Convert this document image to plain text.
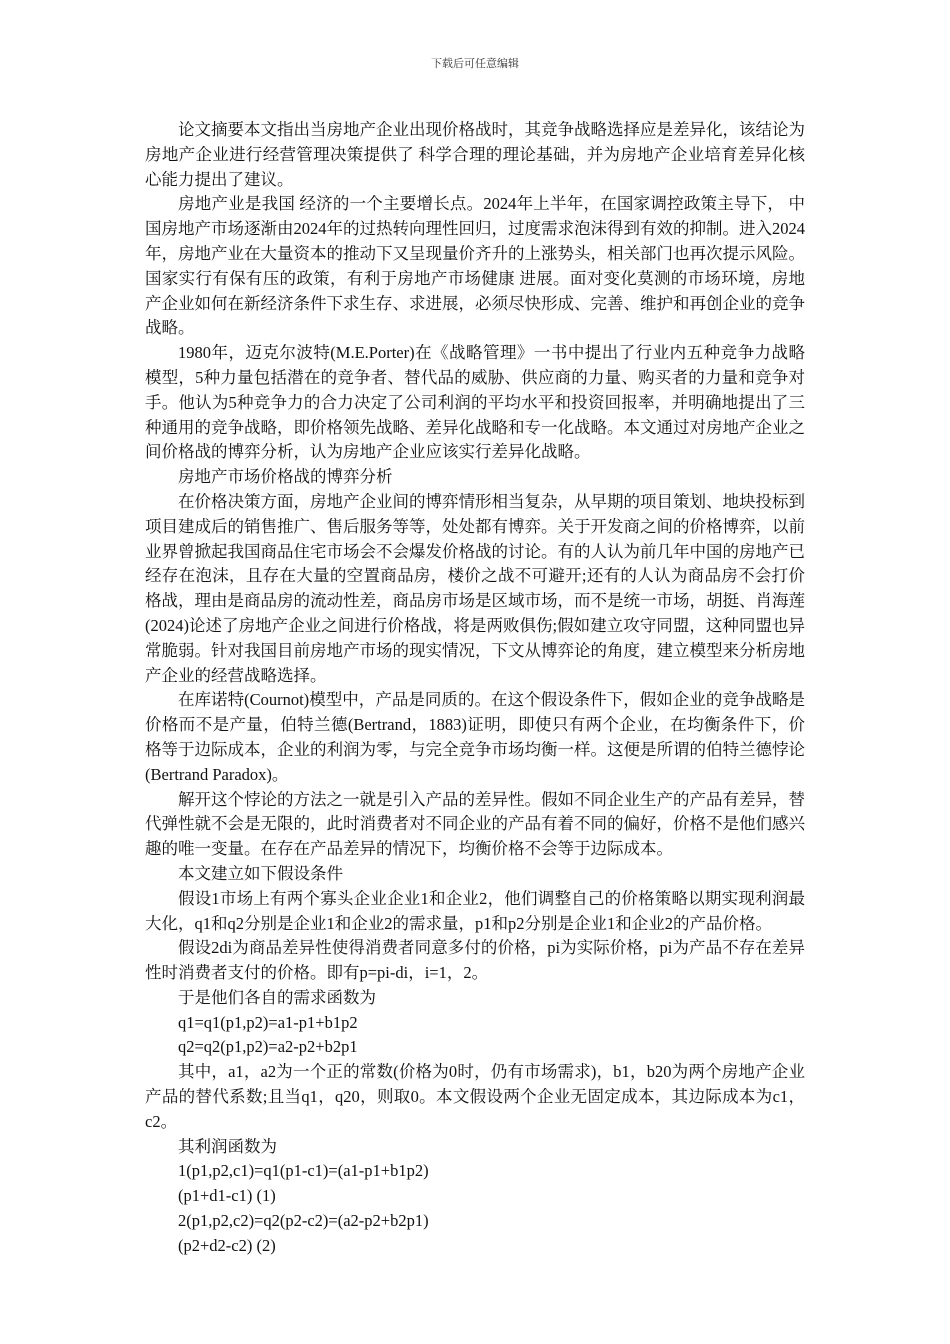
下载后可任意编辑

论文摘要本文指出当房地产企业出现价格战时，其竞争战略选择应是差异化，该结论为房地产企业进行经营管理决策提供了 科学合理的理论基础，并为房地产企业培育差异化核心能力提出了建议。

房地产业是我国 经济的一个主要增长点。2024年上半年，在国家调控政策主导下， 中国房地产市场逐渐由2024年的过热转向理性回归，过度需求泡沫得到有效的抑制。进入2024年，房地产业在大量资本的推动下又呈现量价齐升的上涨势头，相关部门也再次提示风险。国家实行有保有压的政策，有利于房地产市场健康 进展。面对变化莫测的市场环境，房地产企业如何在新经济条件下求生存、求进展，必须尽快形成、完善、维护和再创企业的竞争战略。

1980年，迈克尔波特(M.E.Porter)在《战略管理》一书中提出了行业内五种竞争力战略模型，5种力量包括潜在的竞争者、替代品的威胁、供应商的力量、购买者的力量和竞争对手。他认为5种竞争力的合力决定了公司利润的平均水平和投资回报率，并明确地提出了三种通用的竞争战略，即价格领先战略、差异化战略和专一化战略。本文通过对房地产企业之间价格战的博弈分析，认为房地产企业应该实行差异化战略。

房地产市场价格战的博弈分析

在价格决策方面，房地产企业间的博弈情形相当复杂，从早期的项目策划、地块投标到项目建成后的销售推广、售后服务等等，处处都有博弈。关于开发商之间的价格博弈，以前业界曾掀起我国商品住宅市场会不会爆发价格战的讨论。有的人认为前几年中国的房地产已经存在泡沫，且存在大量的空置商品房，楼价之战不可避开;还有的人认为商品房不会打价格战，理由是商品房的流动性差，商品房市场是区域市场，而不是统一市场，胡挺、肖海莲(2024)论述了房地产企业之间进行价格战，将是两败俱伤;假如建立攻守同盟，这种同盟也异常脆弱。针对我国目前房地产市场的现实情况，下文从博弈论的角度，建立模型来分析房地产企业的经营战略选择。

在库诺特(Cournot)模型中，产品是同质的。在这个假设条件下，假如企业的竞争战略是价格而不是产量，伯特兰德(Bertrand，1883)证明，即使只有两个企业，在均衡条件下，价格等于边际成本，企业的利润为零，与完全竞争市场均衡一样。这便是所谓的伯特兰德悖论 (Bertrand Paradox)。

解开这个悖论的方法之一就是引入产品的差异性。假如不同企业生产的产品有差异，替代弹性就不会是无限的，此时消费者对不同企业的产品有着不同的偏好，价格不是他们感兴趣的唯一变量。在存在产品差异的情况下，均衡价格不会等于边际成本。

本文建立如下假设条件

假设1市场上有两个寡头企业企业1和企业2，他们调整自己的价格策略以期实现利润最大化，q1和q2分别是企业1和企业2的需求量，p1和p2分别是企业1和企业2的产品价格。

假设2di为商品差异性使得消费者同意多付的价格，pi为实际价格，pi为产品不存在差异性时消费者支付的价格。即有p=pi-di，i=1，2。

于是他们各自的需求函数为

q1=q1(p1,p2)=a1-p1+b1p2

q2=q2(p1,p2)=a2-p2+b2p1

其中，a1，a2为一个正的常数(价格为0时，仍有市场需求)，b1，b20为两个房地产企业产品的替代系数;且当q1，q20，则取0。本文假设两个企业无固定成本，其边际成本为c1，c2。

其利润函数为

1(p1,p2,c1)=q1(p1-c1)=(a1-p1+b1p2)

(p1+d1-c1) (1)

2(p1,p2,c2)=q2(p2-c2)=(a2-p2+b2p1)

(p2+d2-c2) (2)
